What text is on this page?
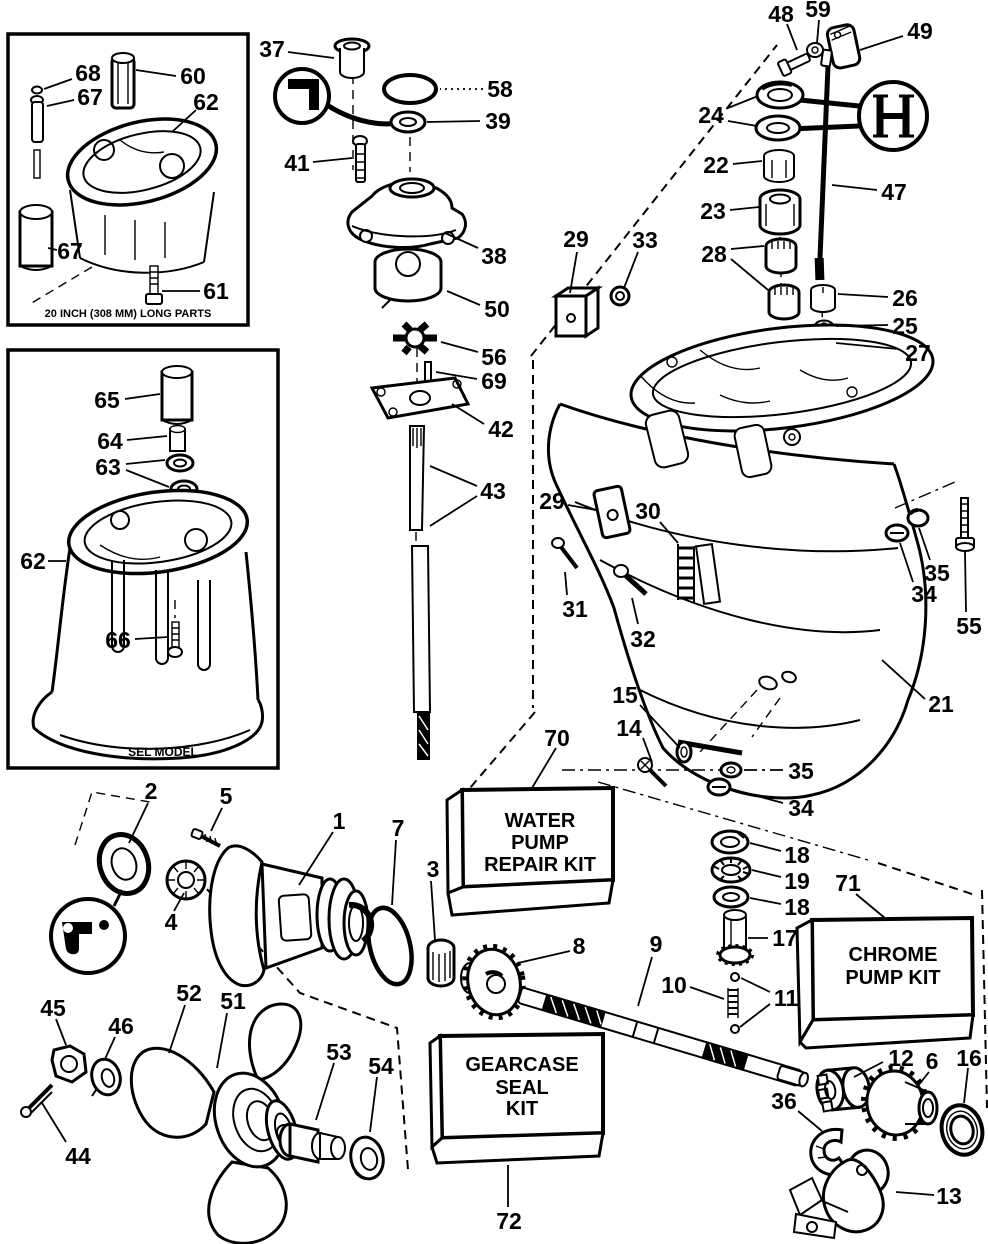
20 INCH (308 MM) LONG PARTS
SEL MODEL
WATER
PUMP
REPAIR KIT
CHROME
PUMP KIT
GEARCASE
SEAL
KIT
68	60
67	62
67
61
65
64
63
62
66
37
58
39
41
38
50
56
69
42
43
48 59
49
24
22
23
28
47
26
25
27
29 33
29	30
31
32
35
34
55
21
15
14
35
34
70
71
72
2	5
1 7
3
4
45
46
44
52 51
53
54
8	9
10	11
17
18
19
18
12 6 16
36
13
